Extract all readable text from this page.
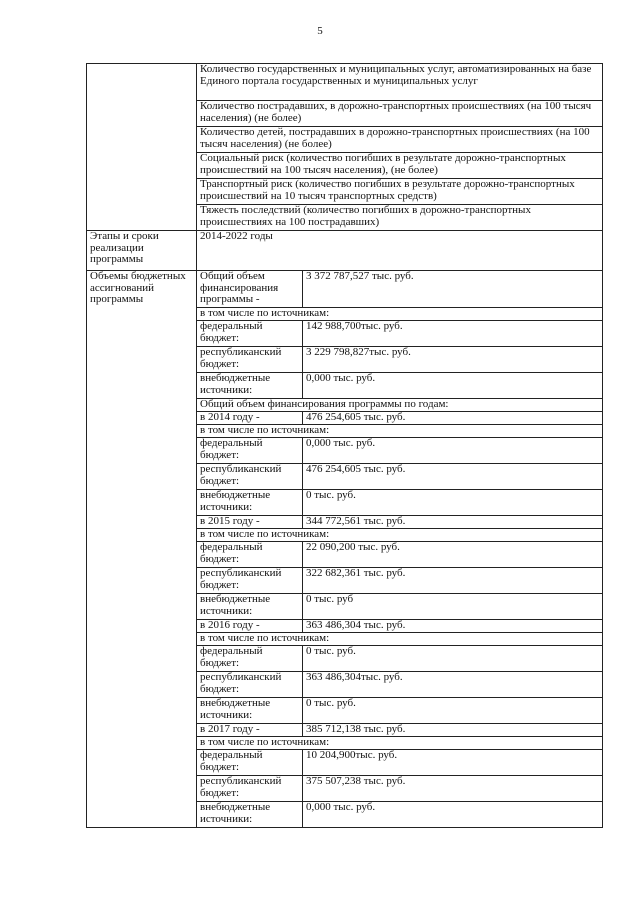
5
	Количество государственных и муниципальных услуг, автоматизированных на базе Единого портала государственных и муниципальных услуг	
	Количество пострадавших, в дорожно-транспортных происшествиях (на 100 тысяч населения) (не более)	
	Количество детей, пострадавших в дорожно-транспортных происшествиях (на 100 тысяч населения) (не более)	
	Социальный риск (количество погибших в результате дорожно-транспортных происшествий на 100 тысяч населения), (не более)	
	Транспортный риск (количество погибших в результате дорожно-транспортных происшествий на 10 тысяч транспортных средств)	
	Тяжесть последствий (количество погибших в дорожно-транспортных происшествиях на 100 пострадавших)	
Этапы и сроки реализации программы	2014-2022 годы	
Объемы бюджетных ассигнований программы	Общий объем финансирования программы -	3 372 787,527 тыс. руб.
	в том числе по источникам:	
	федеральный бюджет:	142 988,700тыс. руб.
	республиканский бюджет:	3 229 798,827тыс. руб.
	внебюджетные источники:	0,000 тыс. руб.
	Общий объем финансирования программы по годам:	
	в 2014 году -	476 254,605 тыс. руб.
	в том числе по источникам:	
	федеральный бюджет:	0,000 тыс. руб.
	республиканский бюджет:	476 254,605 тыс. руб.
	внебюджетные источники:	0 тыс. руб.
	в 2015 году -	344 772,561 тыс. руб.
	в том числе по источникам:	
	федеральный бюджет:	22 090,200 тыс. руб.
	республиканский бюджет:	322 682,361 тыс. руб.
	внебюджетные источники:	0 тыс. руб
	в 2016 году -	363 486,304 тыс. руб.
	в том числе по источникам:	
	федеральный бюджет:	0 тыс. руб.
	республиканский бюджет:	363 486,304тыс. руб.
	внебюджетные источники:	0 тыс. руб.
	в 2017 году -	385 712,138 тыс. руб.
	в том числе по источникам:	
	федеральный бюджет:	10 204,900тыс. руб.
	республиканский бюджет:	375 507,238 тыс. руб.
	внебюджетные источники:	0,000 тыс. руб.
